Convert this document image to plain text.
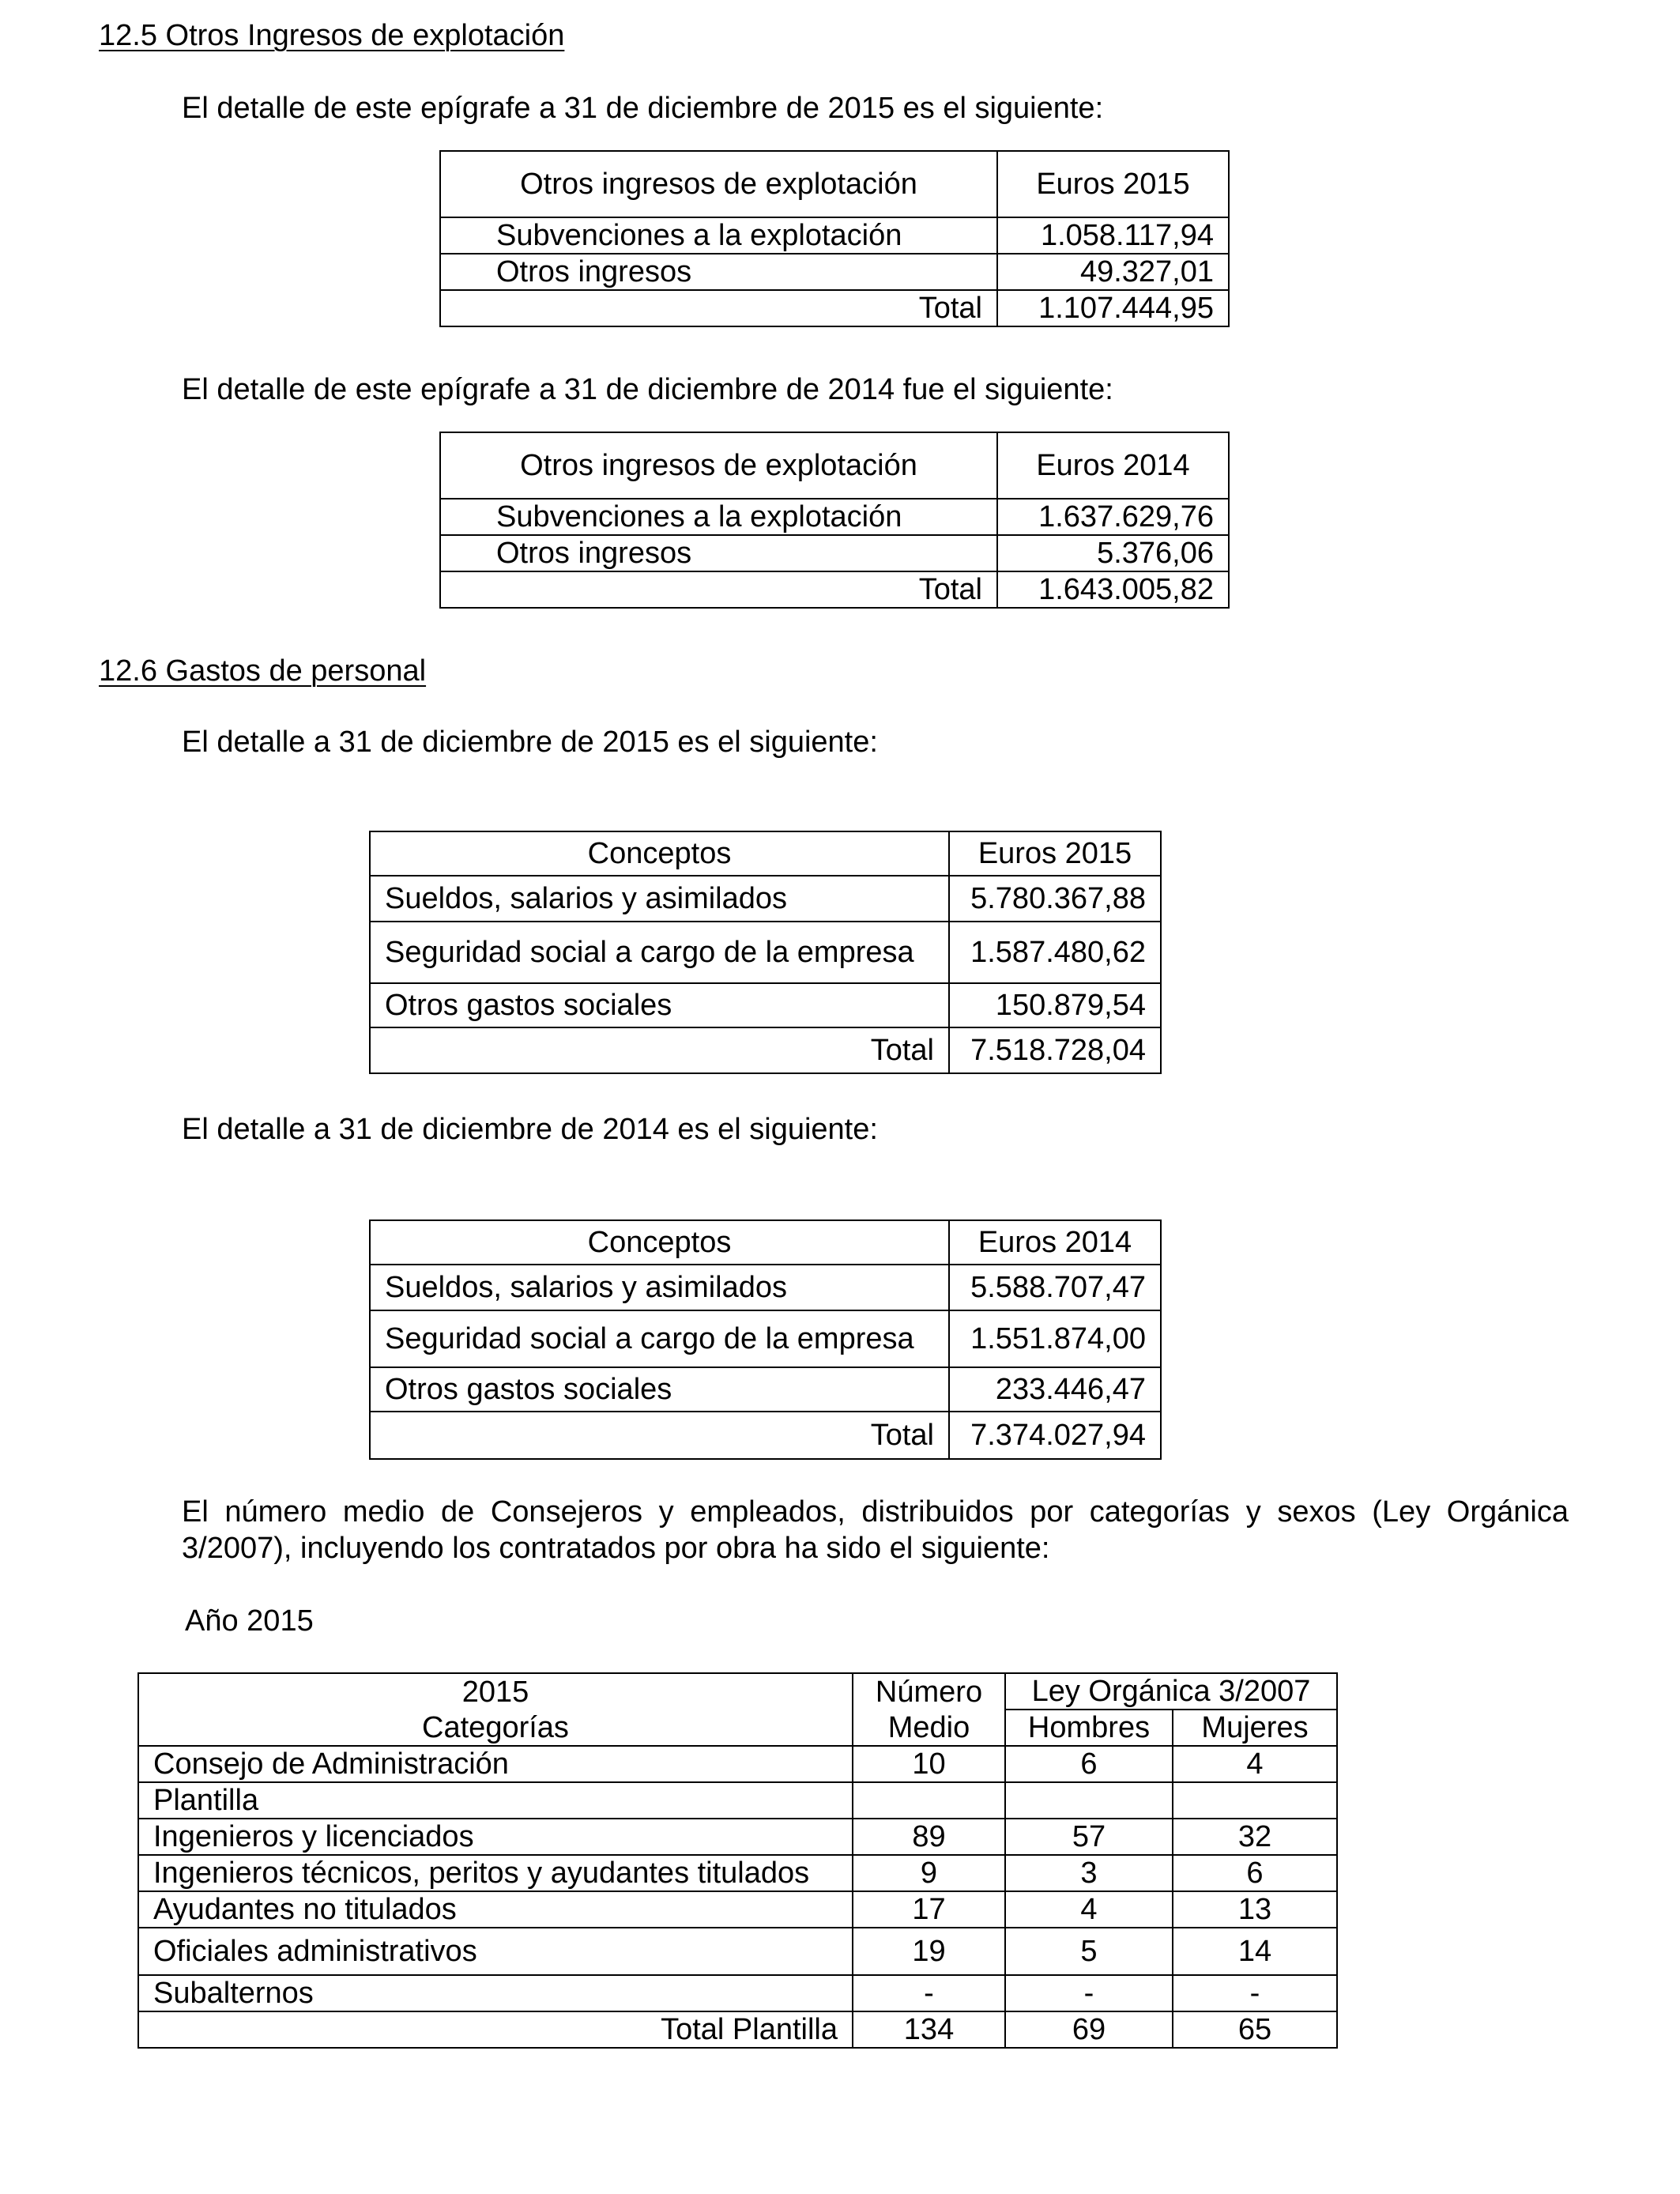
12.5 Otros Ingresos de explotación
El detalle de este epígrafe a 31 de diciembre de 2015 es el siguiente:
Otros ingresos de explotación	Euros 2015
Subvenciones a la explotación	1.058.117,94
Otros ingresos	49.327,01
Total	1.107.444,95
El detalle de este epígrafe a 31 de diciembre de 2014 fue el siguiente:
Otros ingresos de explotación	Euros 2014
Subvenciones a la explotación	1.637.629,76
Otros ingresos	5.376,06
Total	1.643.005,82
12.6 Gastos de personal
El detalle a 31 de diciembre de 2015 es el siguiente:
Conceptos	Euros 2015
Sueldos, salarios y asimilados	5.780.367,88
Seguridad social a cargo de la empresa	1.587.480,62
Otros gastos sociales	150.879,54
Total	7.518.728,04
El detalle a 31 de diciembre de 2014 es el siguiente:
Conceptos	Euros 2014
Sueldos, salarios y asimilados	5.588.707,47
Seguridad social a cargo de la empresa	1.551.874,00
Otros gastos sociales	233.446,47
Total	7.374.027,94
El número medio de Consejeros y empleados, distribuidos por categorías y sexos (Ley Orgánica 3/2007), incluyendo los contratados por obra ha sido el siguiente:
Año 2015
2015	Número	Ley Orgánica 3/2007	
Categorías	Medio	Hombres	Mujeres
Consejo de Administración	10	6	4
Plantilla			
Ingenieros y licenciados	89	57	32
Ingenieros técnicos, peritos y ayudantes titulados	9	3	6
Ayudantes no titulados	17	4	13
Oficiales administrativos	19	5	14
Subalternos	-	-	-
Total Plantilla	134	69	65
